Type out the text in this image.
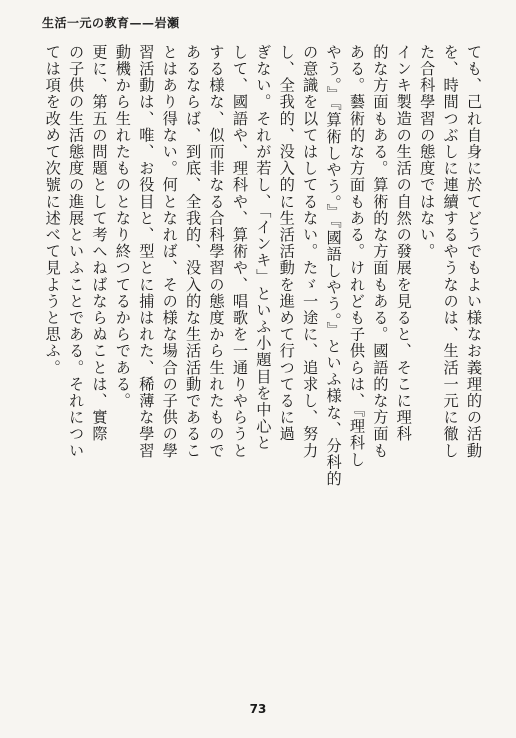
生活一元の教育——岩瀬
ても、己れ自身に於てどうでもよい様なお義理的の活動
を、時間つぶしに連續するやうなのは、生活一元に徹し
た合科學習の態度ではない。
インキ製造の生活の自然の發展を見ると、そこに理科
的な方面もある。算術的な方面もある。國語的な方面も
ある。藝術的な方面もある。けれども子供らは、『理科し
やう。』『算術しやう。』『國語しやう。』といふ様な、分科的
の意識を以てはしてるない。たゞ一途に、追求し、努力
し、全我的、没入的に生活活動を進めて行つてるに過
ぎない。それが若し、「インキ」といふ小題目を中心と
して、國語や、理科や、算術や、唱歌を一通りやらうと
する様な、似而非なる合科學習の態度から生れたもので
あるならば、到底、全我的、没入的な生活活動であるこ
とはあり得ない。何となれば、その様な場合の子供の學
習活動は、唯、お役目と、型とに捕はれた、稀薄な學習
動機から生れたものとなり終つてるからである。
更に、第五の問題として考へねばならぬことは、實際
の子供の生活態度の進展といふことである。それについ
ては項を改めて次號に述べて見ようと思ふ。
73
